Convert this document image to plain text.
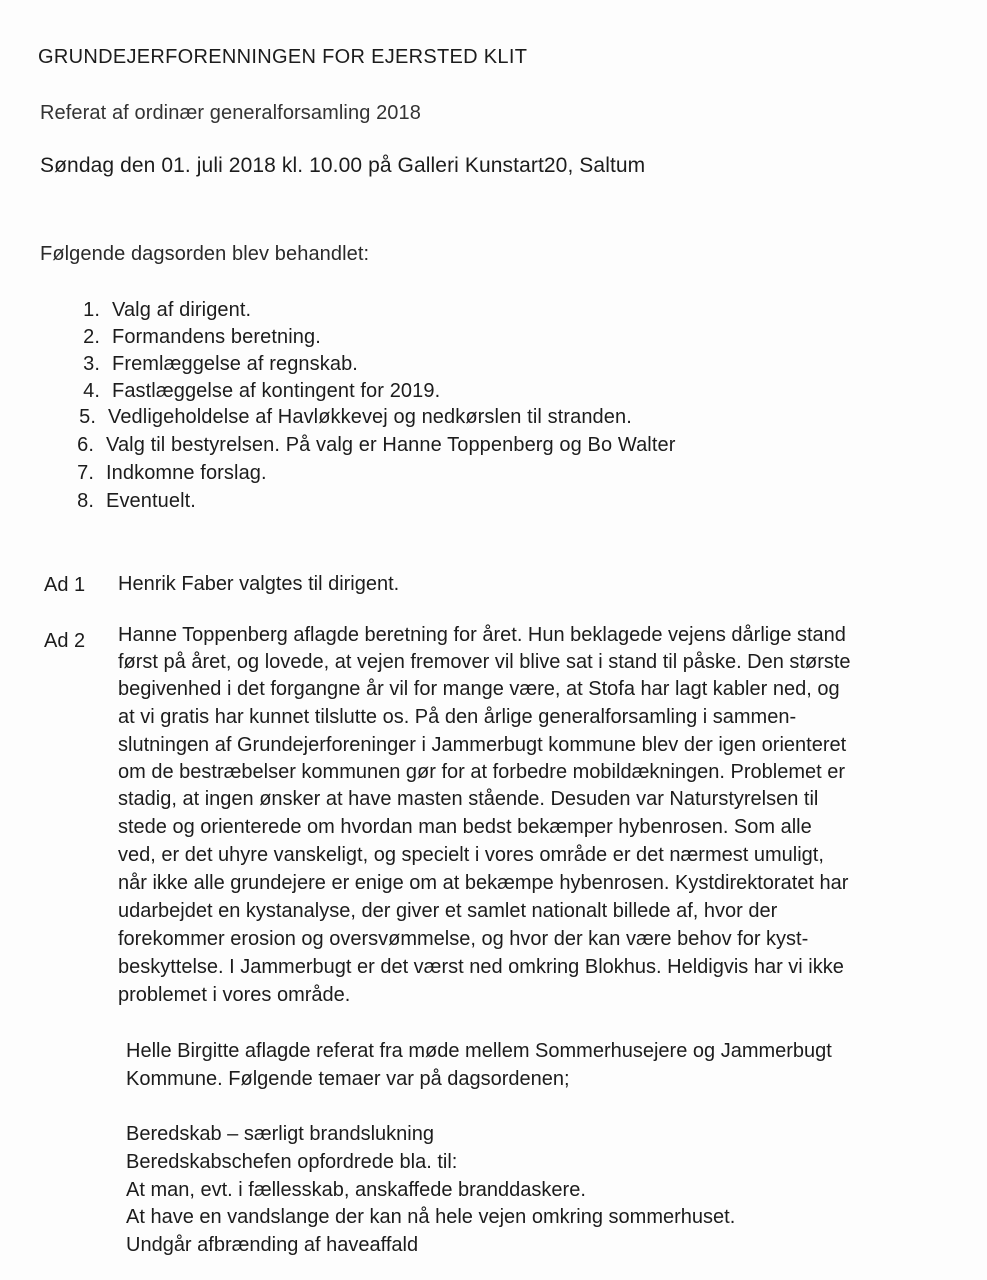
GRUNDEJERFORENNINGEN FOR EJERSTED KLIT
Referat af ordinær generalforsamling 2018
Søndag den 01. juli 2018 kl. 10.00 på Galleri Kunstart20, Saltum
Følgende dagsorden blev behandlet:
1. Valg af dirigent.
2. Formandens beretning.
3. Fremlæggelse af regnskab.
4. Fastlæggelse af kontingent for 2019.
5. Vedligeholdelse af Havløkkevej og nedkørslen til stranden.
6. Valg til bestyrelsen. På valg er Hanne Toppenberg og Bo Walter
7. Indkomne forslag.
8. Eventuelt.
Ad 1 Henrik Faber valgtes til dirigent.
Ad 2 Hanne Toppenberg aflagde beretning for året. Hun beklagede vejens dårlige stand
først på året, og lovede, at vejen fremover vil blive sat i stand til påske. Den største
begivenhed i det forgangne år vil for mange være, at Stofa har lagt kabler ned, og
at vi gratis har kunnet tilslutte os. På den årlige generalforsamling i sammen-
slutningen af Grundejerforeninger i Jammerbugt kommune blev der igen orienteret
om de bestræbelser kommunen gør for at forbedre mobildækningen. Problemet er
stadig, at ingen ønsker at have masten stående. Desuden var Naturstyrelsen til
stede og orienterede om hvordan man bedst bekæmper hybenrosen. Som alle
ved, er det uhyre vanskeligt, og specielt i vores område er det nærmest umuligt,
når ikke alle grundejere er enige om at bekæmpe hybenrosen. Kystdirektoratet har
udarbejdet en kystanalyse, der giver et samlet nationalt billede af, hvor der
forekommer erosion og oversvømmelse, og hvor der kan være behov for kyst-
beskyttelse. I Jammerbugt er det værst ned omkring Blokhus. Heldigvis har vi ikke
problemet i vores område.
Helle Birgitte aflagde referat fra møde mellem Sommerhusejere og Jammerbugt
Kommune. Følgende temaer var på dagsordenen;
Beredskab – særligt brandslukning
Beredskabschefen opfordrede bla. til:
At man, evt. i fællesskab, anskaffede branddaskere.
At have en vandslange der kan nå hele vejen omkring sommerhuset.
Undgår afbrænding af haveaffald
